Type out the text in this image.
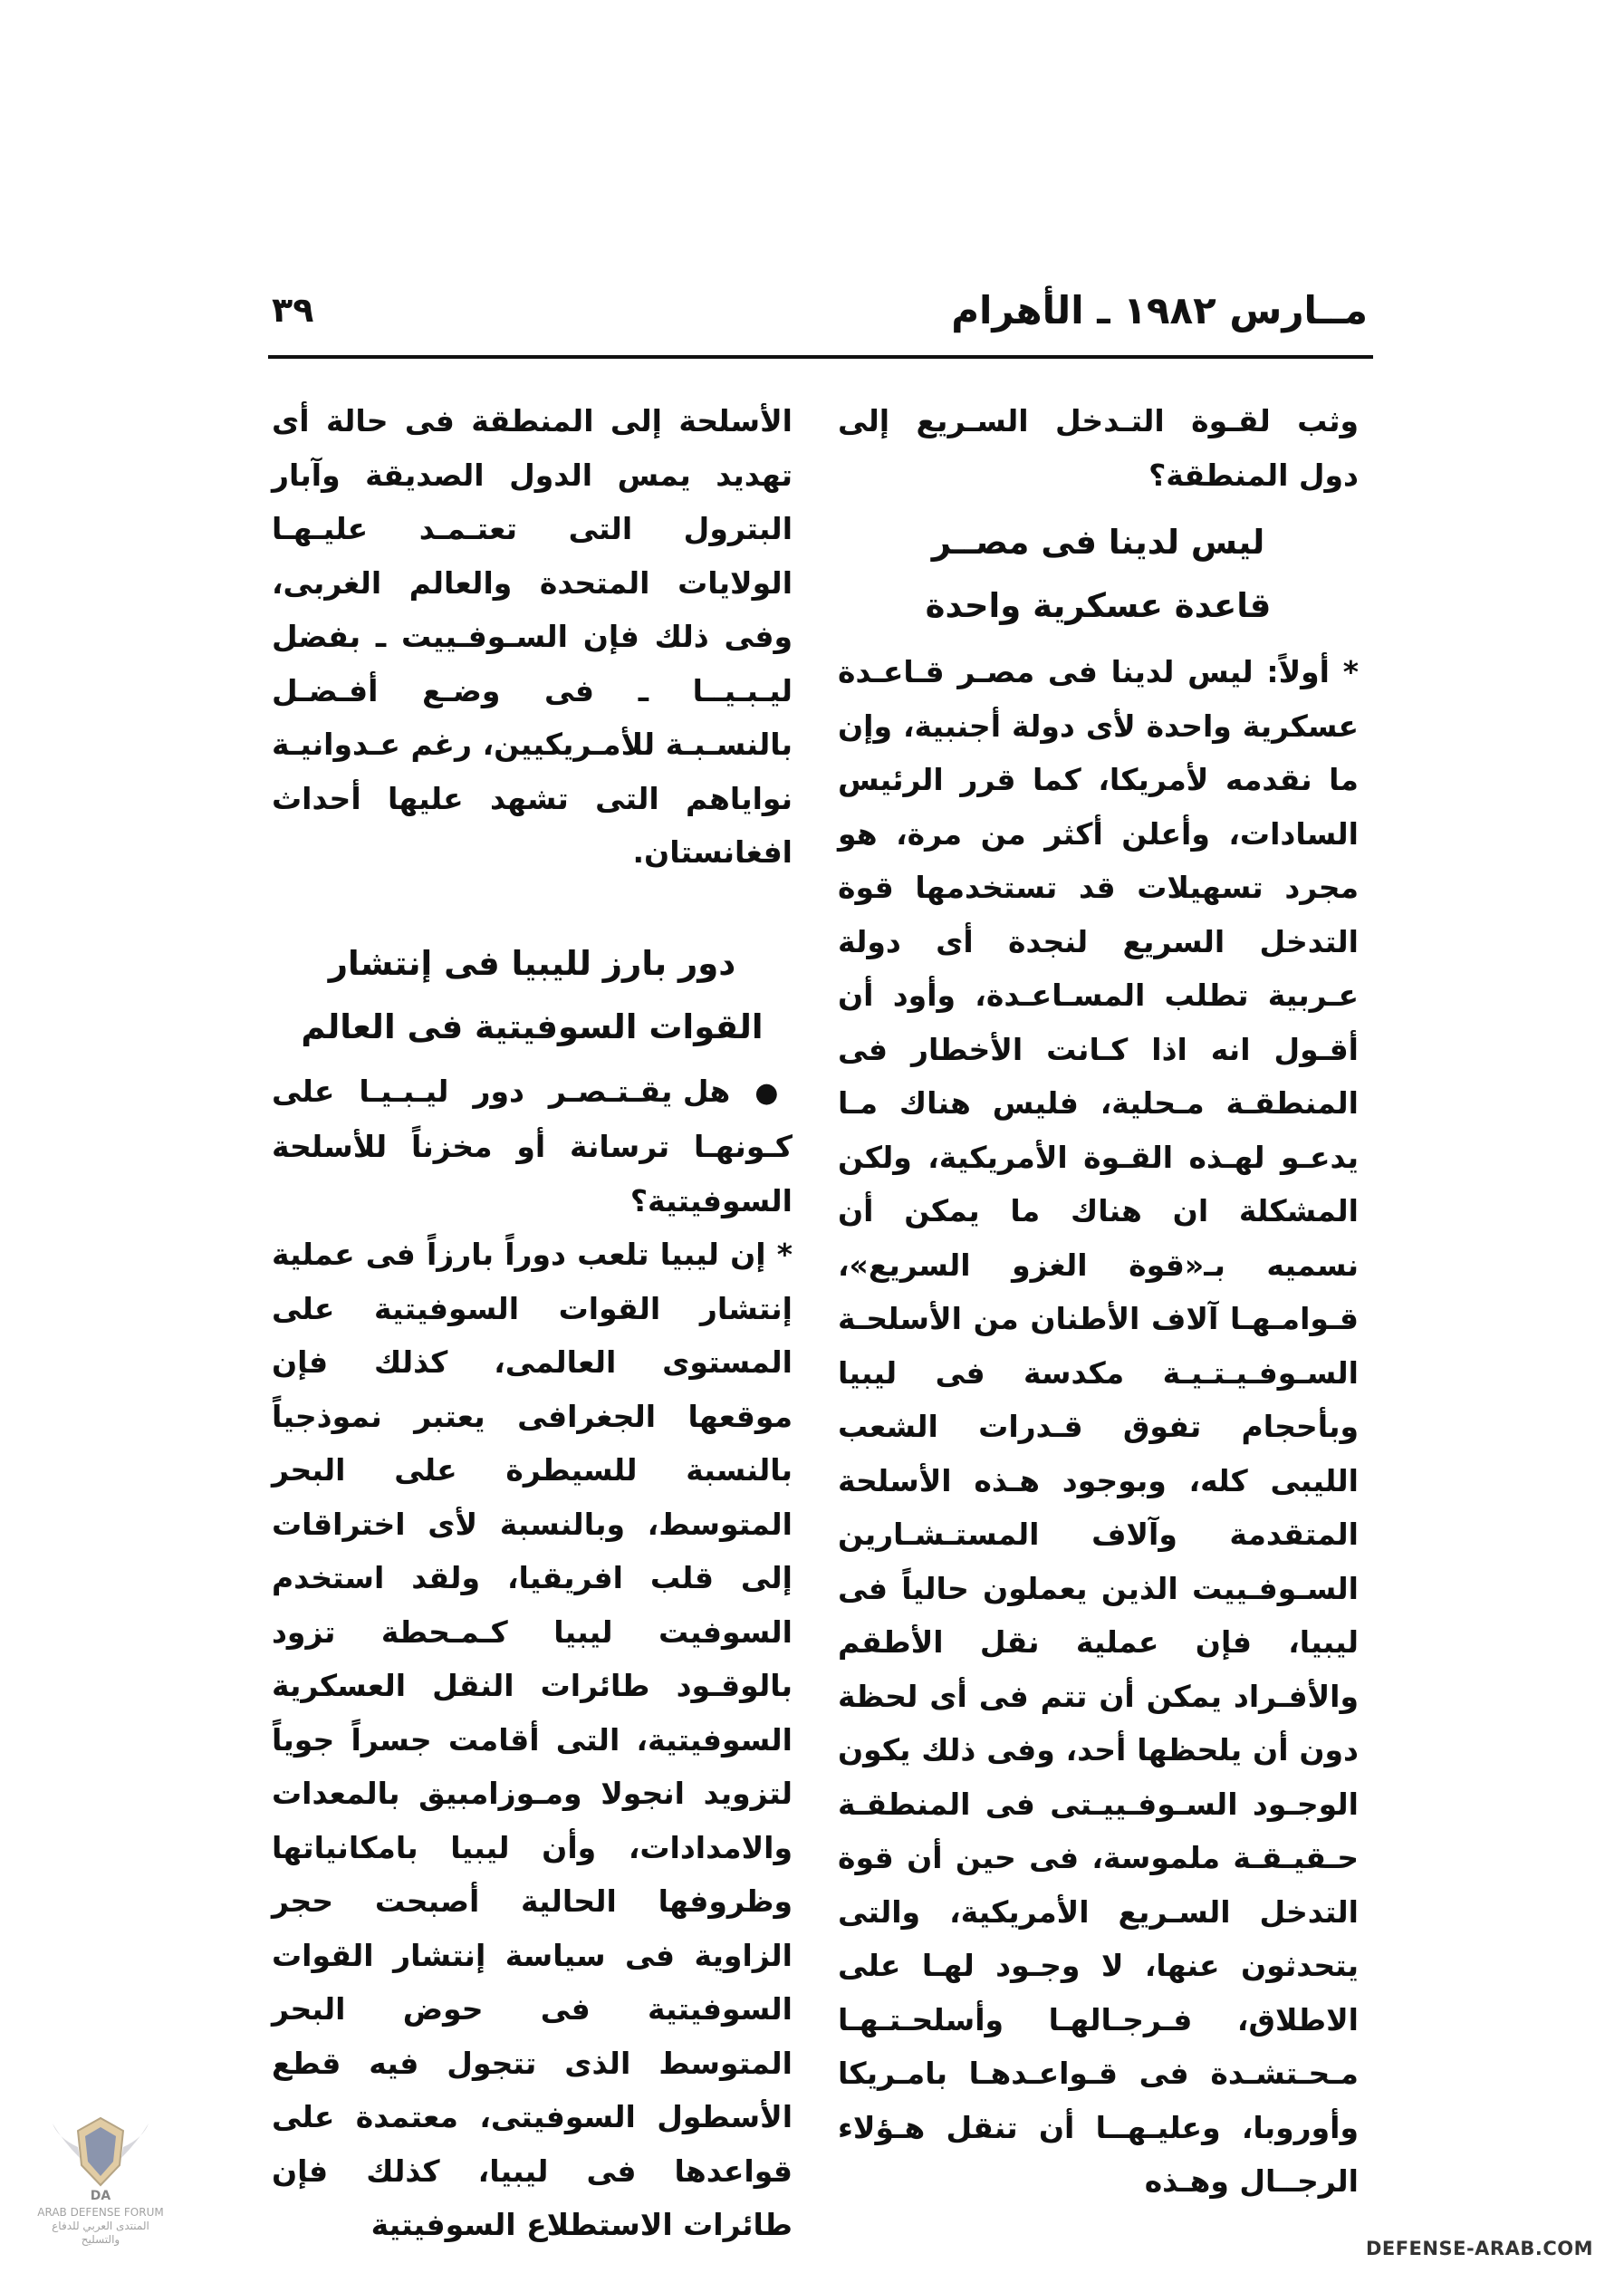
مــارس ١٩٨٢ ـ الأهرام
٣٩

وثب لقـوة التـدخل السـريع إلى دول المنطقة؟

ليس لدينا فى مصــر
قاعدة عسكرية واحدة

* أولاً: ليس لدينا فى مصـر قـاعـدة عسكرية واحدة لأى دولة أجنبية، وإن ما نقدمه لأمريكا، كما قرر الرئيس السادات، وأعلن أكثر من مرة، هو مجرد تسهيلات قد تستخدمها قوة التدخل السريع لنجدة أى دولة عـربية تطلب المسـاعـدة، وأود أن أقـول انه اذا كـانت الأخطار فى المنطقـة مـحلية، فليس هناك مـا يدعـو لهـذه القـوة الأمريكية، ولكن المشكلة ان هناك ما يمكن أن نسميه بـ«قوة الغزو السريع»، قـوامـهـا آلاف الأطنان من الأسلحـة السـوفـيـتـيـة مكدسة فى ليبيا وبأحجام تفوق قـدرات الشعب الليبى كله، وبوجود هـذه الأسلحة المتقدمة وآلاف المستـشـارين السـوفـييت الذين يعملون حالياً فى ليبيا، فإن عملية نقل الأطقم والأفـراد يمكن أن تتم فى أى لحظة دون أن يلحظها أحد، وفى ذلك يكون الوجـود السـوفـييـتى فى المنطقـة حـقيـقـة ملموسة، فى حين أن قوة التدخل السـريع الأمريكية، والتى يتحدثون عنها، لا وجـود لهـا على الاطلاق، فـرجـالهـا وأسلحـتـهـا مـحـتشـدة فى قـواعـدهـا بامـريكا وأوروبا، وعليـهــا أن تنقل هـؤلاء الرجــال وهـذه

الأسلحة إلى المنطقة فى حالة أى تهديد يمس الدول الصديقة وآبار البترول التى تعتـمـد عليـهـا الولايات المتحدة والعالم الغربى، وفى ذلك فإن السـوفـييت ـ بفضل ليـبـيــا ـ فى وضـع أفـضـل بالنسـبـة للأمـريكيين، رغم عـدوانيـة نواياهم التى تشهد عليها أحداث افغانستان.

دور بارز لليبيا فى إنتشار
القوات السوفيتية فى العالم

● هل يقـتـصـر دور ليـبـيـا على كـونهـا ترسانة أو مخزناً للأسلحة السوفيتية؟

* إن ليبيا تلعب دوراً بارزاً فى عملية إنتشار القوات السوفيتية على المستوى العالمى، كذلك فإن موقعها الجغرافى يعتبر نموذجياً بالنسبة للسيطرة على البحر المتوسط، وبالنسبة لأى اختراقات إلى قلب افريقيا، ولقد استخدم السوفيت ليبيا كـمـحطة تزود بالوقـود طائرات النقل العسكرية السوفيتية، التى أقامت جسراً جوياً لتزويد انجولا ومـوزامبيق بالمعدات والامدادات، وأن ليبيا بامكانياتها وظروفها الحالية أصبحت حجر الزاوية فى سياسة إنتشار القوات السوفيتية فى حوض البحر المتوسط الذى تتجول فيه قطع الأسطول السوفيتى، معتمدة على قواعدها فى ليبيا، كذلك فإن طائرات الاستطلاع السوفيتية

DA
ARAB DEFENSE FORUM
المنتدى العربي للدفاع والتسليح	DEFENSE-ARAB.COM
